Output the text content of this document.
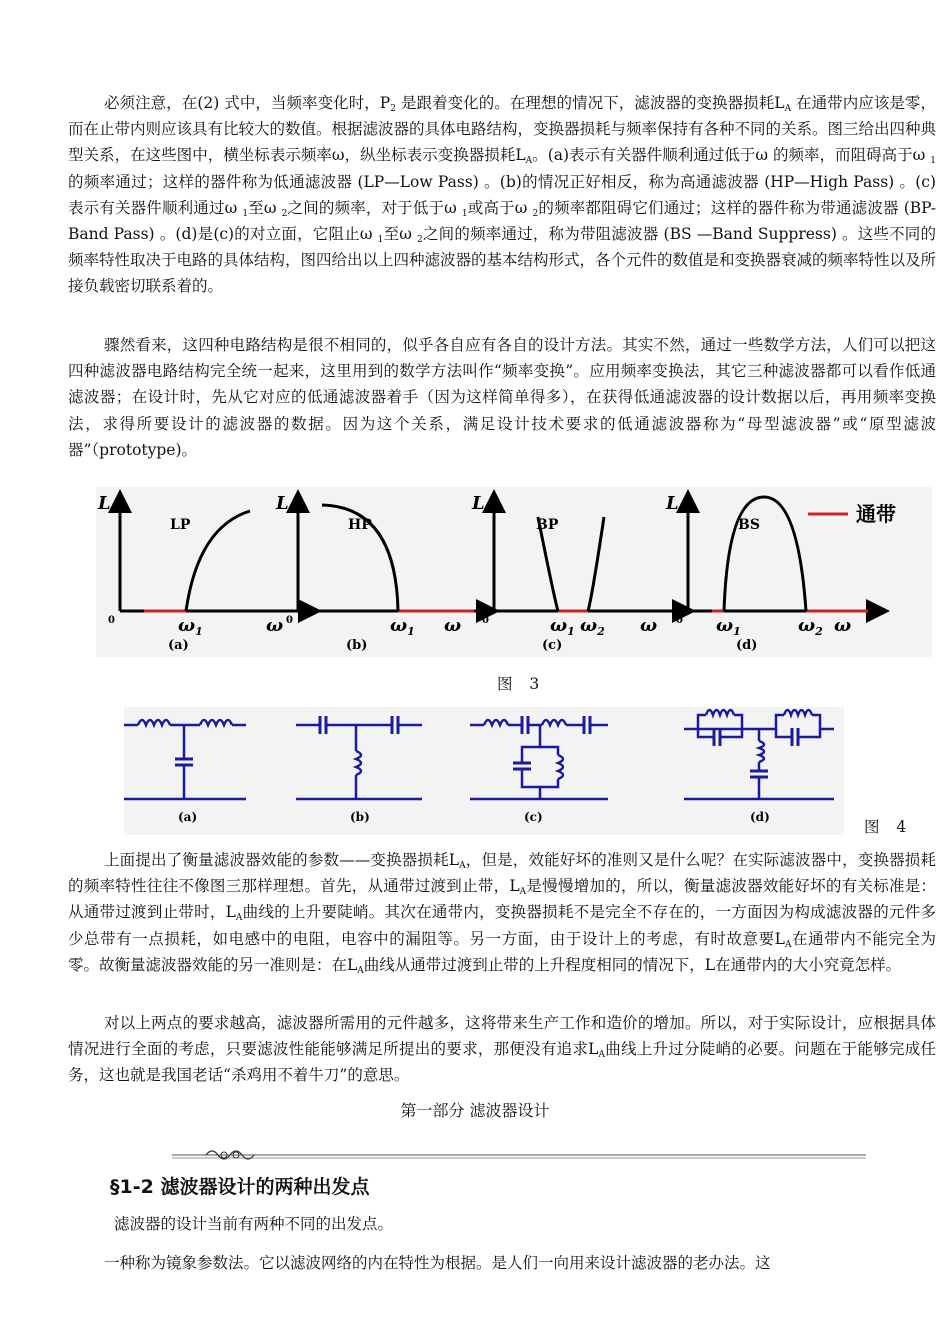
必须注意，在(2) 式中，当频率变化时，$P_2$ 是跟着变化的。在理想的情况下，滤波器的变换器损耗$L_A$ 在通带内应该是零，而在止带内则应该具有比较大的数值。根据滤波器的具体电路结构，变换器损耗与频率保持有各种不同的关系。图三给出四种典型关系，在这些图中，横坐标表示频率ω，纵坐标表示变换器损耗$L_A$。(a)表示有关器件顺利通过低于ω 的频率，而阻碍高于ω $_1$的频率通过；这样的器件称为低通滤波器 (LP—Low Pass) 。(b)的情况正好相反，称为高通滤波器 (HP—High Pass) 。(c) 表示有关器件顺利通过ω $_1$至ω $_2$之间的频率，对于低于ω $_1$或高于ω $_2$的频率都阻碍它们通过；这样的器件称为带通滤波器 (BP-Band Pass) 。(d)是(c)的对立面，它阻止ω $_1$至ω $_2$之间的频率通过，称为带阻滤波器 (BS —Band Suppress) 。这些不同的频率特性取决于电路的具体结构，图四给出以上四种滤波器的基本结构形式，各个元件的数值是和变换器衰减的频率特性以及所接负载密切联系着的。

骤然看来，这四种电路结构是很不相同的，似乎各自应有各自的设计方法。其实不然，通过一些数学方法，人们可以把这四种滤波器电路结构完全统一起来，这里用到的数学方法叫作“频率变换”。应用频率变换法，其它三种滤波器都可以看作低通滤波器；在设计时，先从它对应的低通滤波器着手（因为这样简单得多），在获得低通滤波器的设计数据以后，再用频率变换法，求得所要设计的滤波器的数据。因为这个关系，满足设计技术要求的低通滤波器称为“母型滤波器”或“原型滤波器”（prototype)。

$L_A$
0	ω
$\omega_1$
LP
(a)
$L_A$
0	ω
$\omega_1$
HP
(b)
$L_A$
0	ω
$\omega_1$ $\omega_2$
BP
(c)
$L_A$
0	ω
$\omega_1$	$\omega_2$
BS
(d)
通带
图 3
(a)	(b)	(c)	(d)
图 4

上面提出了衡量滤波器效能的参数——变换器损耗$L_A$，但是，效能好坏的准则又是什么呢？在实际滤波器中，变换器损耗的频率特性往往不像图三那样理想。首先，从通带过渡到止带，$L_A$是慢慢增加的，所以，衡量滤波器效能好坏的有关标准是：从通带过渡到止带时，$L_A$曲线的上升要陡峭。其次在通带内，变换器损耗不是完全不存在的，一方面因为构成滤波器的元件多少总带有一点损耗，如电感中的电阻，电容中的漏阻等。另一方面，由于设计上的考虑，有时故意要$L_A$在通带内不能完全为零。故衡量滤波器效能的另一准则是：在$L_A$曲线从通带过渡到止带的上升程度相同的情况下，L在通带内的大小究竟怎样。

对以上两点的要求越高，滤波器所需用的元件越多，这将带来生产工作和造价的增加。所以，对于实际设计，应根据具体情况进行全面的考虑，只要滤波性能能够满足所提出的要求，那便没有追求$L_A$曲线上升过分陡峭的必要。问题在于能够完成任务，这也就是我国老话“杀鸡用不着牛刀”的意思。

第一部分 滤波器设计
§1-2 滤波器设计的两种出发点
滤波器的设计当前有两种不同的出发点。
一种称为镜象参数法。它以滤波网络的内在特性为根据。是人们一向用来设计滤波器的老办法。这
